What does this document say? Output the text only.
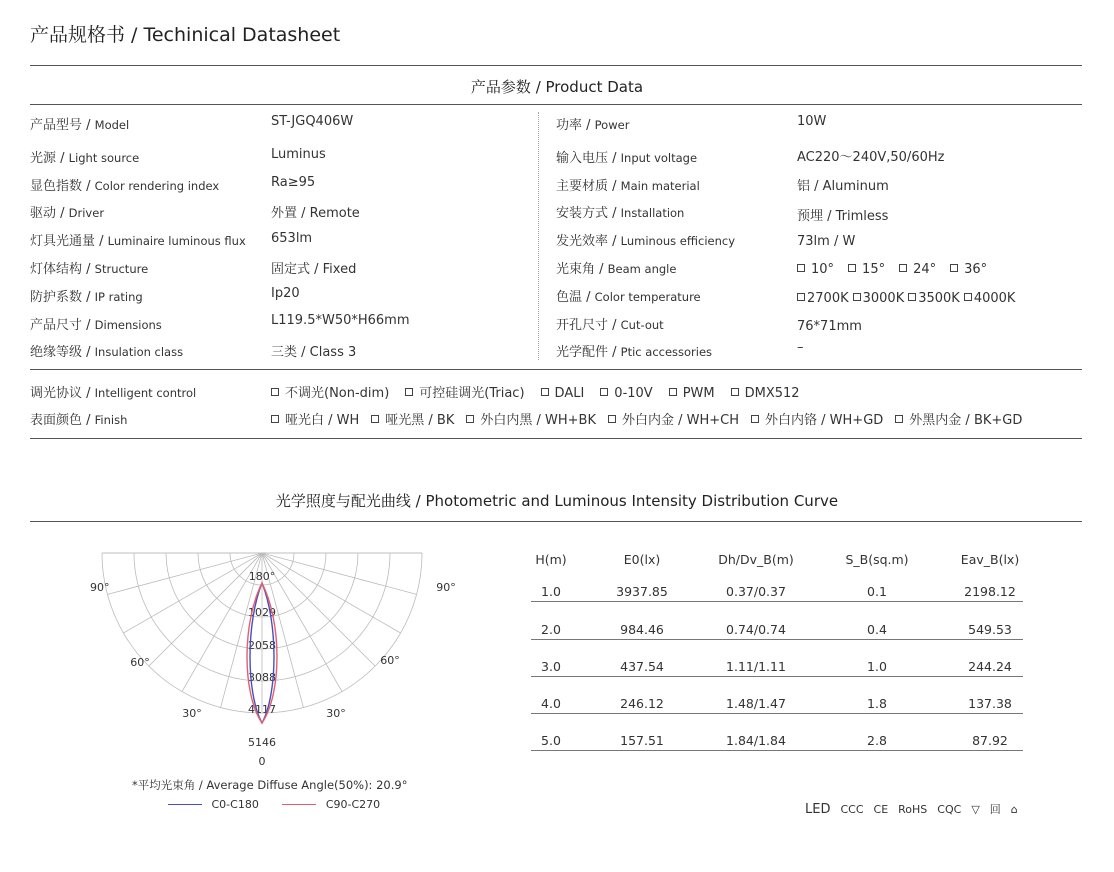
产品规格书 / Techinical Datasheet
产品参数 / Product Data
调光协议 / Intelligent control	不调光(Non-dim) 可控硅调光(Triac) DALI 0-10V PWM DMX512
表面颜色 / Finish	哑光白 / WH 哑光黑 / BK 外白内黑 / WH+BK 外白内金 / WH+CH 外白内铬 / WH+GD 外黑内金 / BK+GD
光学照度与配光曲线 / Photometric and Luminous Intensity Distribution Curve
180°
90°	90°
60°	60°
30°	30°
0
1029
2058
3088
4117
5146
*平均光束角 / Average Diffuse Angle(50%): 20.9°
C0-C180	C90-C270	LED CCC CE RoHS CQC ▽ 回 ⌂
产品型号 / Model	ST-JGQ406W
光源 / Light source	Luminus
显色指数 / Color rendering index	Ra≥95
驱动 / Driver	外置 / Remote
灯具光通量 / Luminaire luminous flux 653lm
灯体结构 / Structure	固定式 / Fixed
防护系数 / IP rating	Ip20
产品尺寸 / Dimensions	L119.5*W50*H66mm
绝缘等级 / Insulation class	三类 / Class 3
功率 / Power	10W
输入电压 / Input voltage	AC220～240V,50/60Hz
主要材质 / Main material	铝 / Aluminum
安装方式 / Installation	预埋 / Trimless
发光效率 / Luminous efficiency	73lm / W
光束角 / Beam angle	10° 15° 24° 36°
色温 / Color temperature	2700K 3000K 3500K 4000K
开孔尺寸 / Cut-out	76*71mm
光学配件 / Ptic accessories	–
H(m)	E0(lx)	Dh/Dv_B(m)	S_B(sq.m)	Eav_B(lx)
1.0	3937.85	0.37/0.37	0.1	2198.12
2.0	984.46	0.74/0.74	0.4	549.53
3.0	437.54	1.11/1.11	1.0	244.24
4.0	246.12	1.48/1.47	1.8	137.38
5.0	157.51	1.84/1.84	2.8	87.92
